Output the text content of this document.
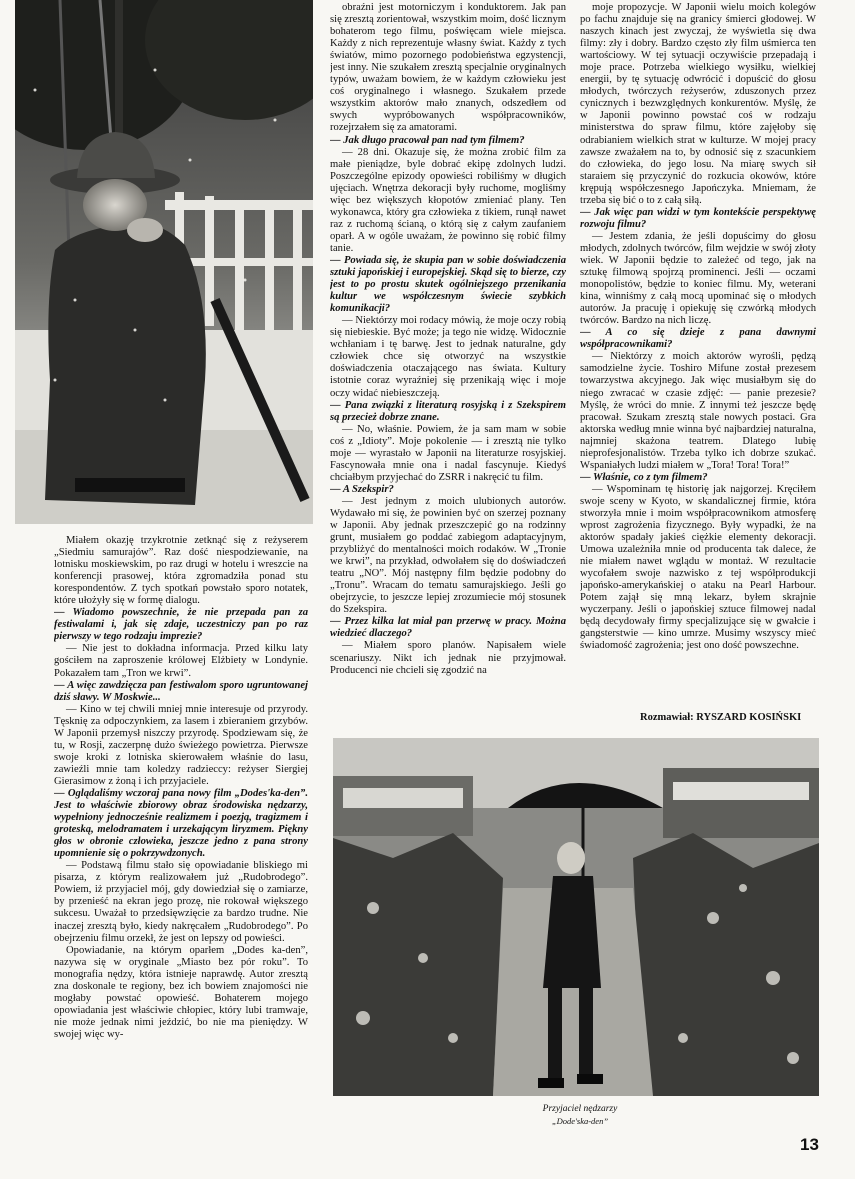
Miałem okazję trzykrotnie zetknąć się z reżyserem „Siedmiu samurajów”. Raz dość niespodziewanie, na lotnisku moskiewskim, po raz drugi w hotelu i wreszcie na konferencji prasowej, która zgromadziła ponad stu korespondentów. Z tych spotkań powstało sporo notatek, które ułożyły się w formę dialogu.

— Wiadomo powszechnie, że nie przepada pan za festiwalami i, jak się zdaje, uczestniczy pan po raz pierwszy w tego rodzaju imprezie?

— Nie jest to dokładna informacja. Przed kilku laty gościłem na zaproszenie królowej Elżbiety w Londynie. Pokazałem tam „Tron we krwi”.

— A więc zawdzięcza pan festiwalom sporo ugruntowanej dziś sławy. W Moskwie...

— Kino w tej chwili mniej mnie interesuje od przyrody. Tęsknię za odpoczynkiem, za lasem i zbieraniem grzybów. W Japonii przemysł niszczy przyrodę. Spodziewam się, że tu, w Rosji, zaczerpnę dużo świeżego powietrza. Pierwsze swoje kroki z lotniska skierowałem właśnie do lasu, zawieźli mnie tam koledzy radzieccy: reżyser Siergiej Gierasimow z żoną i ich przyjaciele.

— Oglądaliśmy wczoraj pana nowy film „Dodes'ka-den”. Jest to właściwie zbiorowy obraz środowiska nędzarzy, wypełniony jednocześnie realizmem i poezją, tragizmem i groteską, melodramatem i urzekającym liryzmem. Piękny głos w obronie człowieka, jeszcze jedno z pana strony upomnienie się o pokrzywdzonych.

— Podstawą filmu stało się opowiadanie bliskiego mi pisarza, z którym realizowałem już „Rudobrodego”. Powiem, iż przyjaciel mój, gdy dowiedział się o zamiarze, by przenieść na ekran jego prozę, nie rokował większego sukcesu. Uważał to przedsięwzięcie za bardzo trudne. Nie inaczej zresztą było, kiedy nakręcałem „Rudobrodego”. Po obejrzeniu filmu orzekł, że jest on lepszy od powieści.

Opowiadanie, na którym oparłem „Dodes ka-den”, nazywa się w oryginale „Miasto bez pór roku”. To monografia nędzy, która istnieje naprawdę. Autor zresztą zna doskonale te regiony, bez ich bowiem znajomości nie mogłaby powstać opowieść. Bohaterem mojego opowiadania jest właściwie chłopiec, który lubi tramwaje, nie może jednak nimi jeździć, bo nie ma pieniędzy. W swojej więc wy-

obraźni jest motorniczym i konduktorem. Jak pan się zresztą zorientował, wszystkim moim, dość licznym bohaterom tego filmu, poświęcam wiele miejsca. Każdy z nich reprezentuje własny świat. Każdy z tych światów, mimo pozornego podobieństwa egzystencji, jest inny. Nie szukałem zresztą specjalnie oryginalnych typów, uważam bowiem, że w każdym człowieku jest coś oryginalnego i własnego. Szukałem przede wszystkim aktorów mało znanych, odszedłem od swych wypróbowanych współpracowników, rozejrzałem się za amatorami.

— Jak długo pracował pan nad tym filmem?

— 28 dni. Okazuje się, że można zrobić film za małe pieniądze, byle dobrać ekipę zdolnych ludzi. Poszczególne epizody opowieści robiliśmy w długich ujęciach. Wnętrza dekoracji były ruchome, mogliśmy więc bez większych kłopotów zmieniać plany. Ten wykonawca, który gra człowieka z tikiem, runął nawet raz z ruchomą ścianą, o którą się z całym zaufaniem oparł. A w ogóle uważam, że powinno się robić filmy tanie.

— Powiada się, że skupia pan w sobie doświadczenia sztuki japońskiej i europejskiej. Skąd się to bierze, czy jest to po prostu skutek ogólniejszego przenikania kultur we współczesnym świecie szybkich komunikacji?

— Niektórzy moi rodacy mówią, że moje oczy robią się niebieskie. Być może; ja tego nie widzę. Widocznie wchłaniam i tę barwę. Jest to jednak naturalne, gdy człowiek chce się otworzyć na wszystkie doświadczenia otaczającego nas świata. Kultury istotnie coraz wyraźniej się przenikają więc i moje oczy widać niebieszczeją.

— Pana związki z literaturą rosyjską i z Szekspirem są przecież dobrze znane.

— No, właśnie. Powiem, że ja sam mam w sobie coś z „Idioty”. Moje pokolenie — i zresztą nie tylko moje — wyrastało w Japonii na literaturze rosyjskiej. Fascynowała mnie ona i nadal fascynuje. Kiedyś chciałbym przyjechać do ZSRR i nakręcić tu film.

— A Szekspir?

— Jest jednym z moich ulubionych autorów. Wydawało mi się, że powinien być on szerzej poznany w Japonii. Aby jednak przeszczepić go na rodzinny grunt, musiałem go poddać zabiegom adaptacyjnym, przybliżyć do mentalności moich rodaków. W „Tronie we krwi”, na przykład, odwołałem się do doświadczeń teatru „NO”. Mój następny film będzie podobny do „Tronu”. Wracam do tematu samurajskiego. Jeśli go obejrzycie, to jeszcze lepiej zrozumiecie mój stosunek do Szekspira.

— Przez kilka lat miał pan przerwę w pracy. Można wiedzieć dlaczego?

— Miałem sporo planów. Napisałem wiele scenariuszy. Nikt ich jednak nie przyjmował. Producenci nie chcieli się zgodzić na

moje propozycje. W Japonii wielu moich kolegów po fachu znajduje się na granicy śmierci głodowej. W naszych kinach jest zwyczaj, że wyświetla się dwa filmy: zły i dobry. Bardzo często zły film uśmierca ten wartościowy. W tej sytuacji oczywiście przepadają i moje prace. Potrzeba wielkiego wysiłku, wielkiej energii, by tę sytuację odwrócić i dopuścić do głosu młodych, twórczych reżyserów, zduszonych przez cynicznych i bezwzględnych konkurentów. Myślę, że w Japonii powinno powstać coś w rodzaju ministerstwa do spraw filmu, które zajęłoby się odrabianiem wielkich strat w kulturze. W mojej pracy zawsze zważałem na to, by odnosić się z szacunkiem do człowieka, do jego losu. Na miarę swych sił staraiem się przyczynić do rozkucia okowów, które krępują współczesnego Japończyka. Mniemam, że trzeba się bić o to z całą siłą.

— Jak więc pan widzi w tym kontekście perspektywę rozwoju filmu?

— Jestem zdania, że jeśli dopuścimy do głosu młodych, zdolnych twórców, film wejdzie w swój złoty wiek. W Japonii będzie to zależeć od tego, jak na sztukę filmową spojrzą prominenci. Jeśli — oczami monopolistów, będzie to koniec filmu. My, weterani kina, winniśmy z całą mocą upominać się o młodych autorów. Ja pracuję i opiekuję się czwórką młodych twórców. Bardzo na nich liczę.

— A co się dzieje z pana dawnymi współpracownikami?

— Niektórzy z moich aktorów wyrośli, pędzą samodzielne życie. Toshiro Mifune został prezesem towarzystwa akcyjnego. Jak więc musiałbym się do niego zwracać w czasie zdjęć: — panie prezesie? Myślę, że wróci do mnie. Z innymi też jeszcze będę pracował. Szukam zresztą stale nowych postaci. Gra aktorska według mnie winna być najbardziej naturalna, najmniej skażona teatrem. Dlatego lubię nieprofesjonalistów. Trzeba tylko ich dobrze szukać. Wspaniałych ludzi miałem w „Tora! Tora! Tora!”

— Właśnie, co z tym filmem?

— Wspominam tę historię jak najgorzej. Kręciłem swoje sceny w Kyoto, w skandalicznej firmie, która stworzyła mnie i moim współpracownikom atmosferę wprost zagrożenia fizycznego. Były wypadki, że na aktorów spadały jakieś ciężkie elementy dekoracji. Umowa uzależniła mnie od producenta tak dalece, że nie miałem nawet wglądu w montaż. W rezultacie wycofałem swoje nazwisko z tej współprodukcji japońsko-amerykańskiej o ataku na Pearl Harbour. Potem zajął się mną lekarz, byłem skrajnie wyczerpany. Jeśli o japońskiej sztuce filmowej nadal będą decydowały firmy specjalizujące się w gwałcie i gangsterstwie — kino umrze. Musimy wszyscy mieć świadomość zagrożenia; jest ono dość powszechne.

Rozmawiał: RYSZARD KOSIŃSKI
Przyjaciel nędzarzy
„Dode'ska-den”
13
